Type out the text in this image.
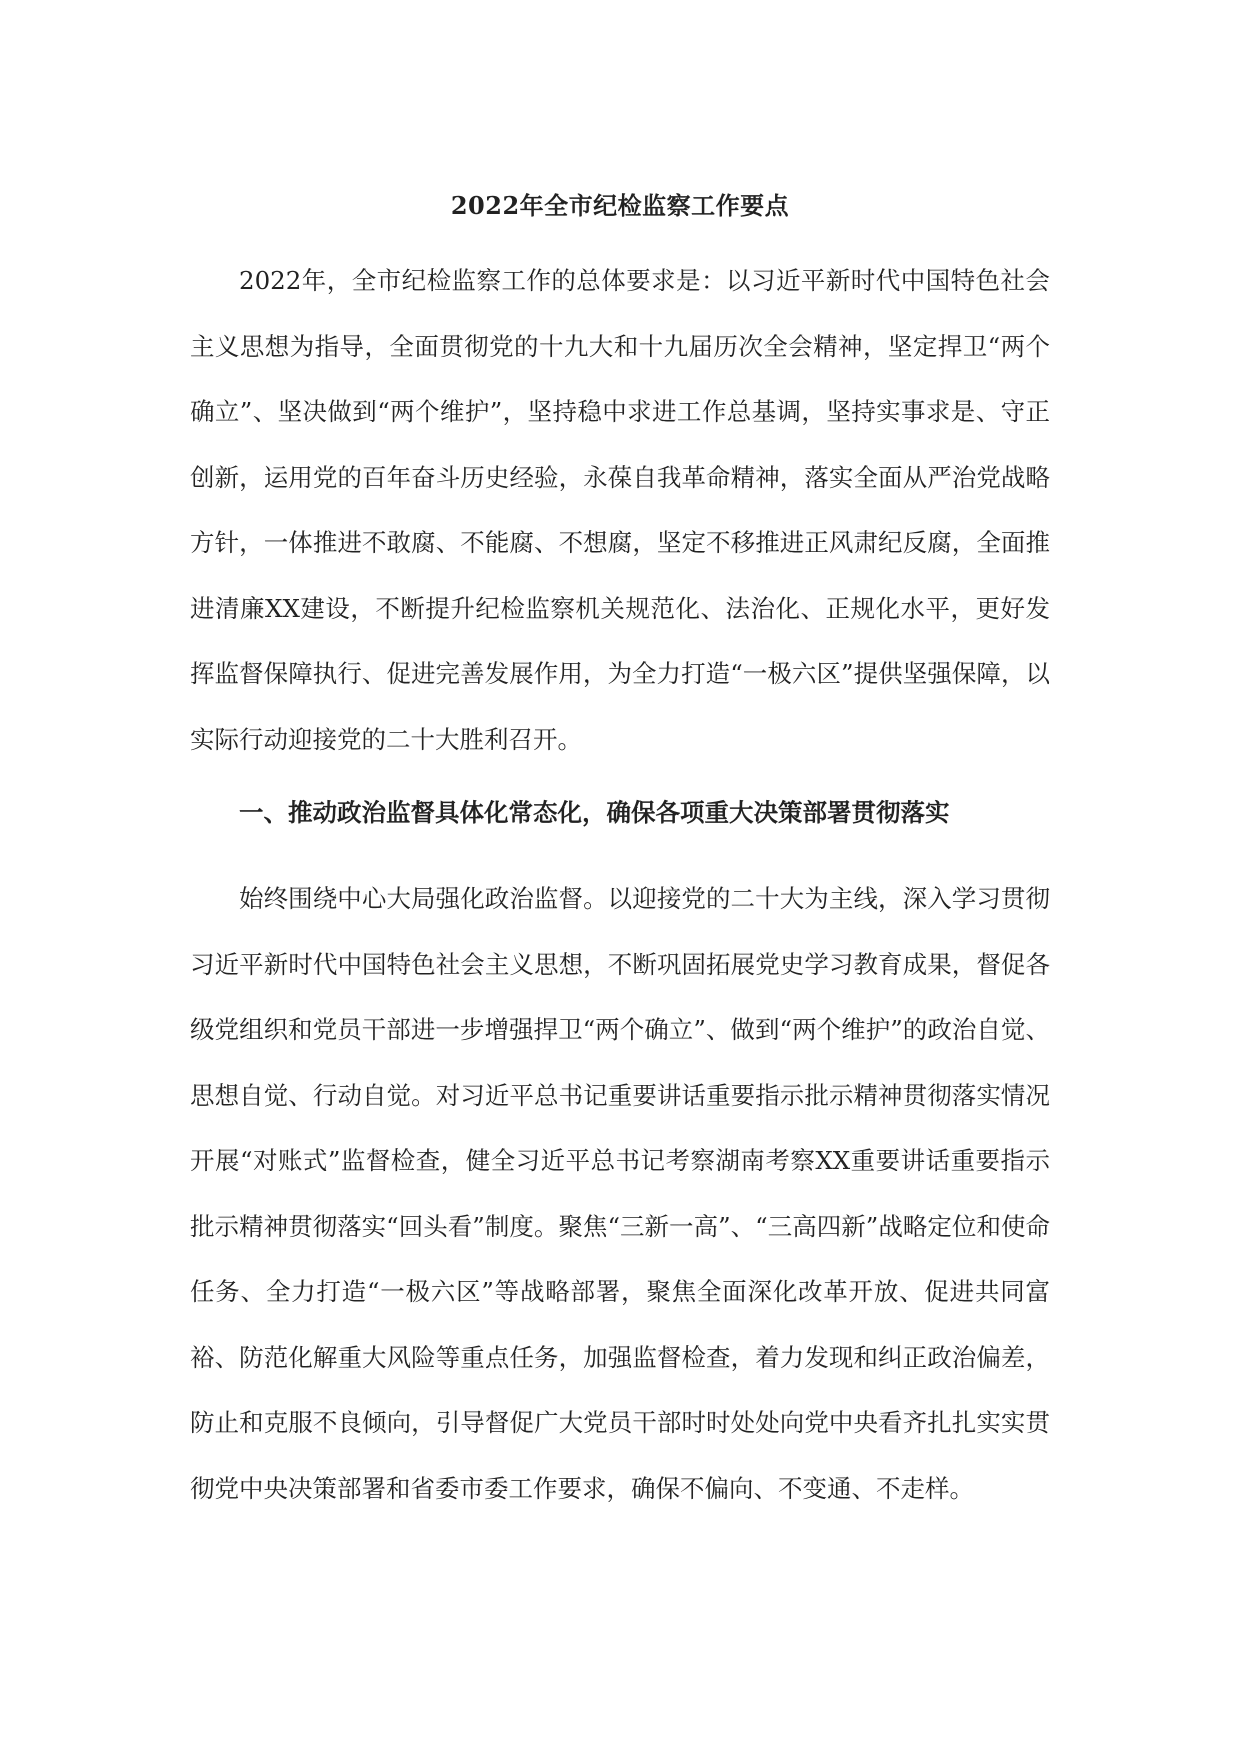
2022年全市纪检监察工作要点

2022年，全市纪检监察工作的总体要求是：以习近平新时代中国特色社会主义思想为指导，全面贯彻党的十九大和十九届历次全会精神，坚定捍卫“两个确立”、坚决做到“两个维护”，坚持稳中求进工作总基调，坚持实事求是、守正创新，运用党的百年奋斗历史经验，永葆自我革命精神，落实全面从严治党战略方针，一体推进不敢腐、不能腐、不想腐，坚定不移推进正风肃纪反腐，全面推进清廉XX建设，不断提升纪检监察机关规范化、法治化、正规化水平，更好发挥监督保障执行、促进完善发展作用，为全力打造“一极六区”提供坚强保障，以实际行动迎接党的二十大胜利召开。

一、推动政治监督具体化常态化，确保各项重大决策部署贯彻落实

始终围绕中心大局强化政治监督。以迎接党的二十大为主线，深入学习贯彻习近平新时代中国特色社会主义思想，不断巩固拓展党史学习教育成果，督促各级党组织和党员干部进一步增强捍卫“两个确立”、做到“两个维护”的政治自觉、思想自觉、行动自觉。对习近平总书记重要讲话重要指示批示精神贯彻落实情况开展“对账式”监督检查，健全习近平总书记考察湖南考察XX重要讲话重要指示批示精神贯彻落实“回头看”制度。聚焦“三新一高”、“三高四新”战略定位和使命任务、全力打造“一极六区”等战略部署，聚焦全面深化改革开放、促进共同富裕、防范化解重大风险等重点任务，加强监督检查，着力发现和纠正政治偏差，防止和克服不良倾向，引导督促广大党员干部时时处处向党中央看齐扎扎实实贯彻党中央决策部署和省委市委工作要求，确保不偏向、不变通、不走样。
